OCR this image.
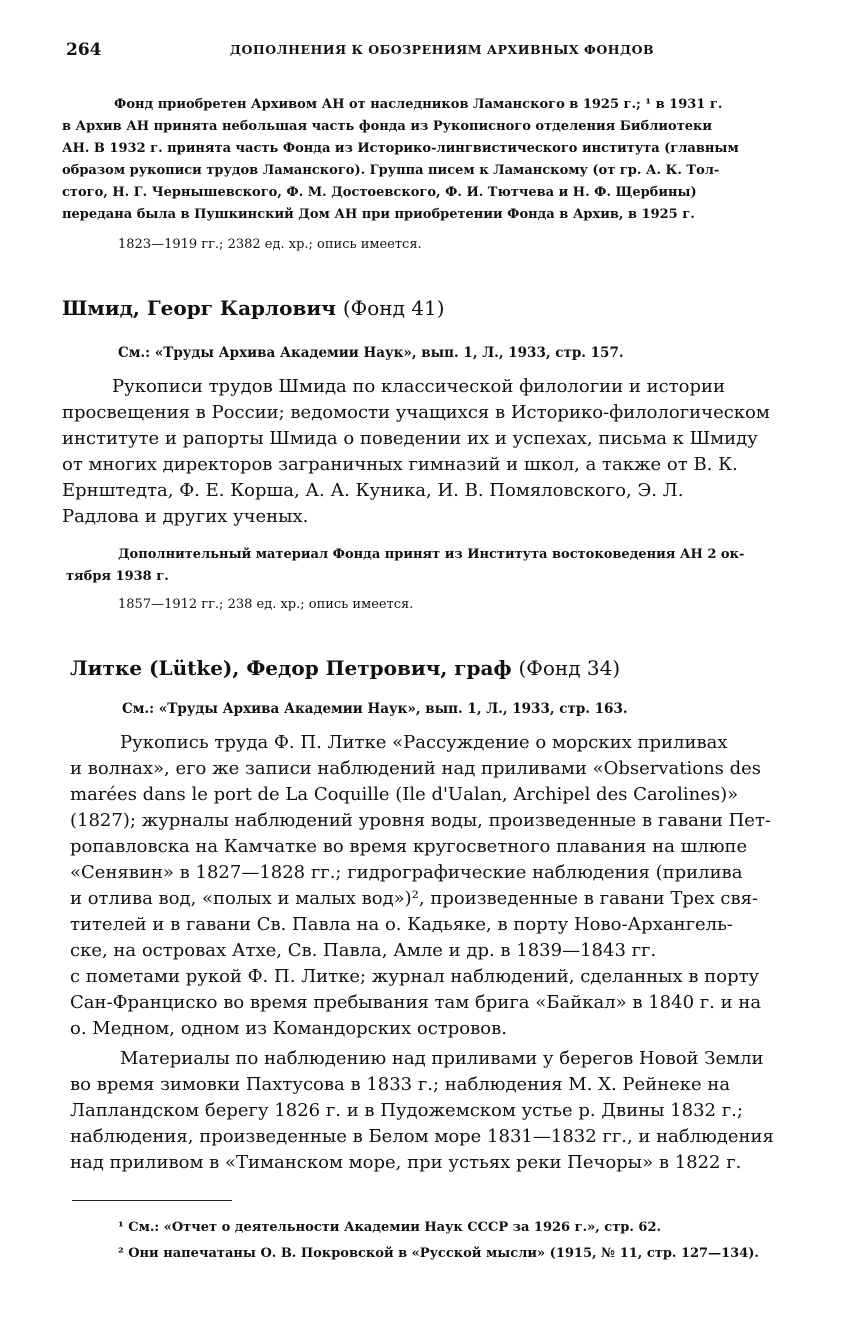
264	ДОПОЛНЕНИЯ К ОБОЗРЕНИЯМ АРХИВНЫХ ФОНДОВ
Фонд приобретен Архивом АН от наследников Ламанского в 1925 г.; ¹ в 1931 г.
в Архив АН принята небольшая часть фонда из Рукописного отделения Библиотеки
АН. В 1932 г. принята часть Фонда из Историко-лингвистического института (главным
образом рукописи трудов Ламанского). Группа писем к Ламанскому (от гр. А. К. Тол-
стого, Н. Г. Чернышевского, Ф. М. Достоевского, Ф. И. Тютчева и Н. Ф. Щербины)
передана была в Пушкинский Дом АН при приобретении Фонда в Архив, в 1925 г.
1823—1919 гг.; 2382 ед. хр.; опись имеется.
Шмид, Георг Карлович (Фонд 41)
См.: «Труды Архива Академии Наук», вып. 1, Л., 1933, стр. 157.
Рукописи трудов Шмида по классической филологии и истории
просвещения в России; ведомости учащихся в Историко-филологическом
институте и рапорты Шмида о поведении их и успехах, письма к Шмиду
от многих директоров заграничных гимназий и школ, а также от В. К.
Ернштедта, Ф. Е. Корша, А. А. Куника, И. В. Помяловского, Э. Л.
Радлова и других ученых.
Дополнительный материал Фонда принят из Института востоковедения АН 2 ок-
тября 1938 г.
1857—1912 гг.; 238 ед. хр.; опись имеется.
Литке (Lütke), Федор Петрович, граф (Фонд 34)
См.: «Труды Архива Академии Наук», вып. 1, Л., 1933, стр. 163.
Рукопись труда Ф. П. Литке «Рассуждение о морских приливах
и волнах», его же записи наблюдений над приливами «Observations des
marées dans le port de La Coquille (Ile d'Ualan, Archipel des Carolines)»
(1827); журналы наблюдений уровня воды, произведенные в гавани Пет-
ропавловска на Камчатке во время кругосветного плавания на шлюпе
«Сенявин» в 1827—1828 гг.; гидрографические наблюдения (прилива
и отлива вод, «полых и малых вод»)², произведенные в гавани Трех свя-
тителей и в гавани Св. Павла на о. Кадьяке, в порту Ново-Архангель-
ске, на островах Атхе, Св. Павла, Амле и др. в 1839—1843 гг.
с пометами рукой Ф. П. Литке; журнал наблюдений, сделанных в порту
Сан-Франциско во время пребывания там брига «Байкал» в 1840 г. и на
о. Медном, одном из Командорских островов.
Материалы по наблюдению над приливами у берегов Новой Земли
во время зимовки Пахтусова в 1833 г.; наблюдения М. Х. Рейнеке на
Лапландском берегу 1826 г. и в Пудожемском устье р. Двины 1832 г.;
наблюдения, произведенные в Белом море 1831—1832 гг., и наблюдения
над приливом в «Тиманском море, при устьях реки Печоры» в 1822 г.
¹ См.: «Отчет о деятельности Академии Наук СССР за 1926 г.», стр. 62.
² Они напечатаны О. В. Покровской в «Русской мысли» (1915, № 11, стр. 127—134).
